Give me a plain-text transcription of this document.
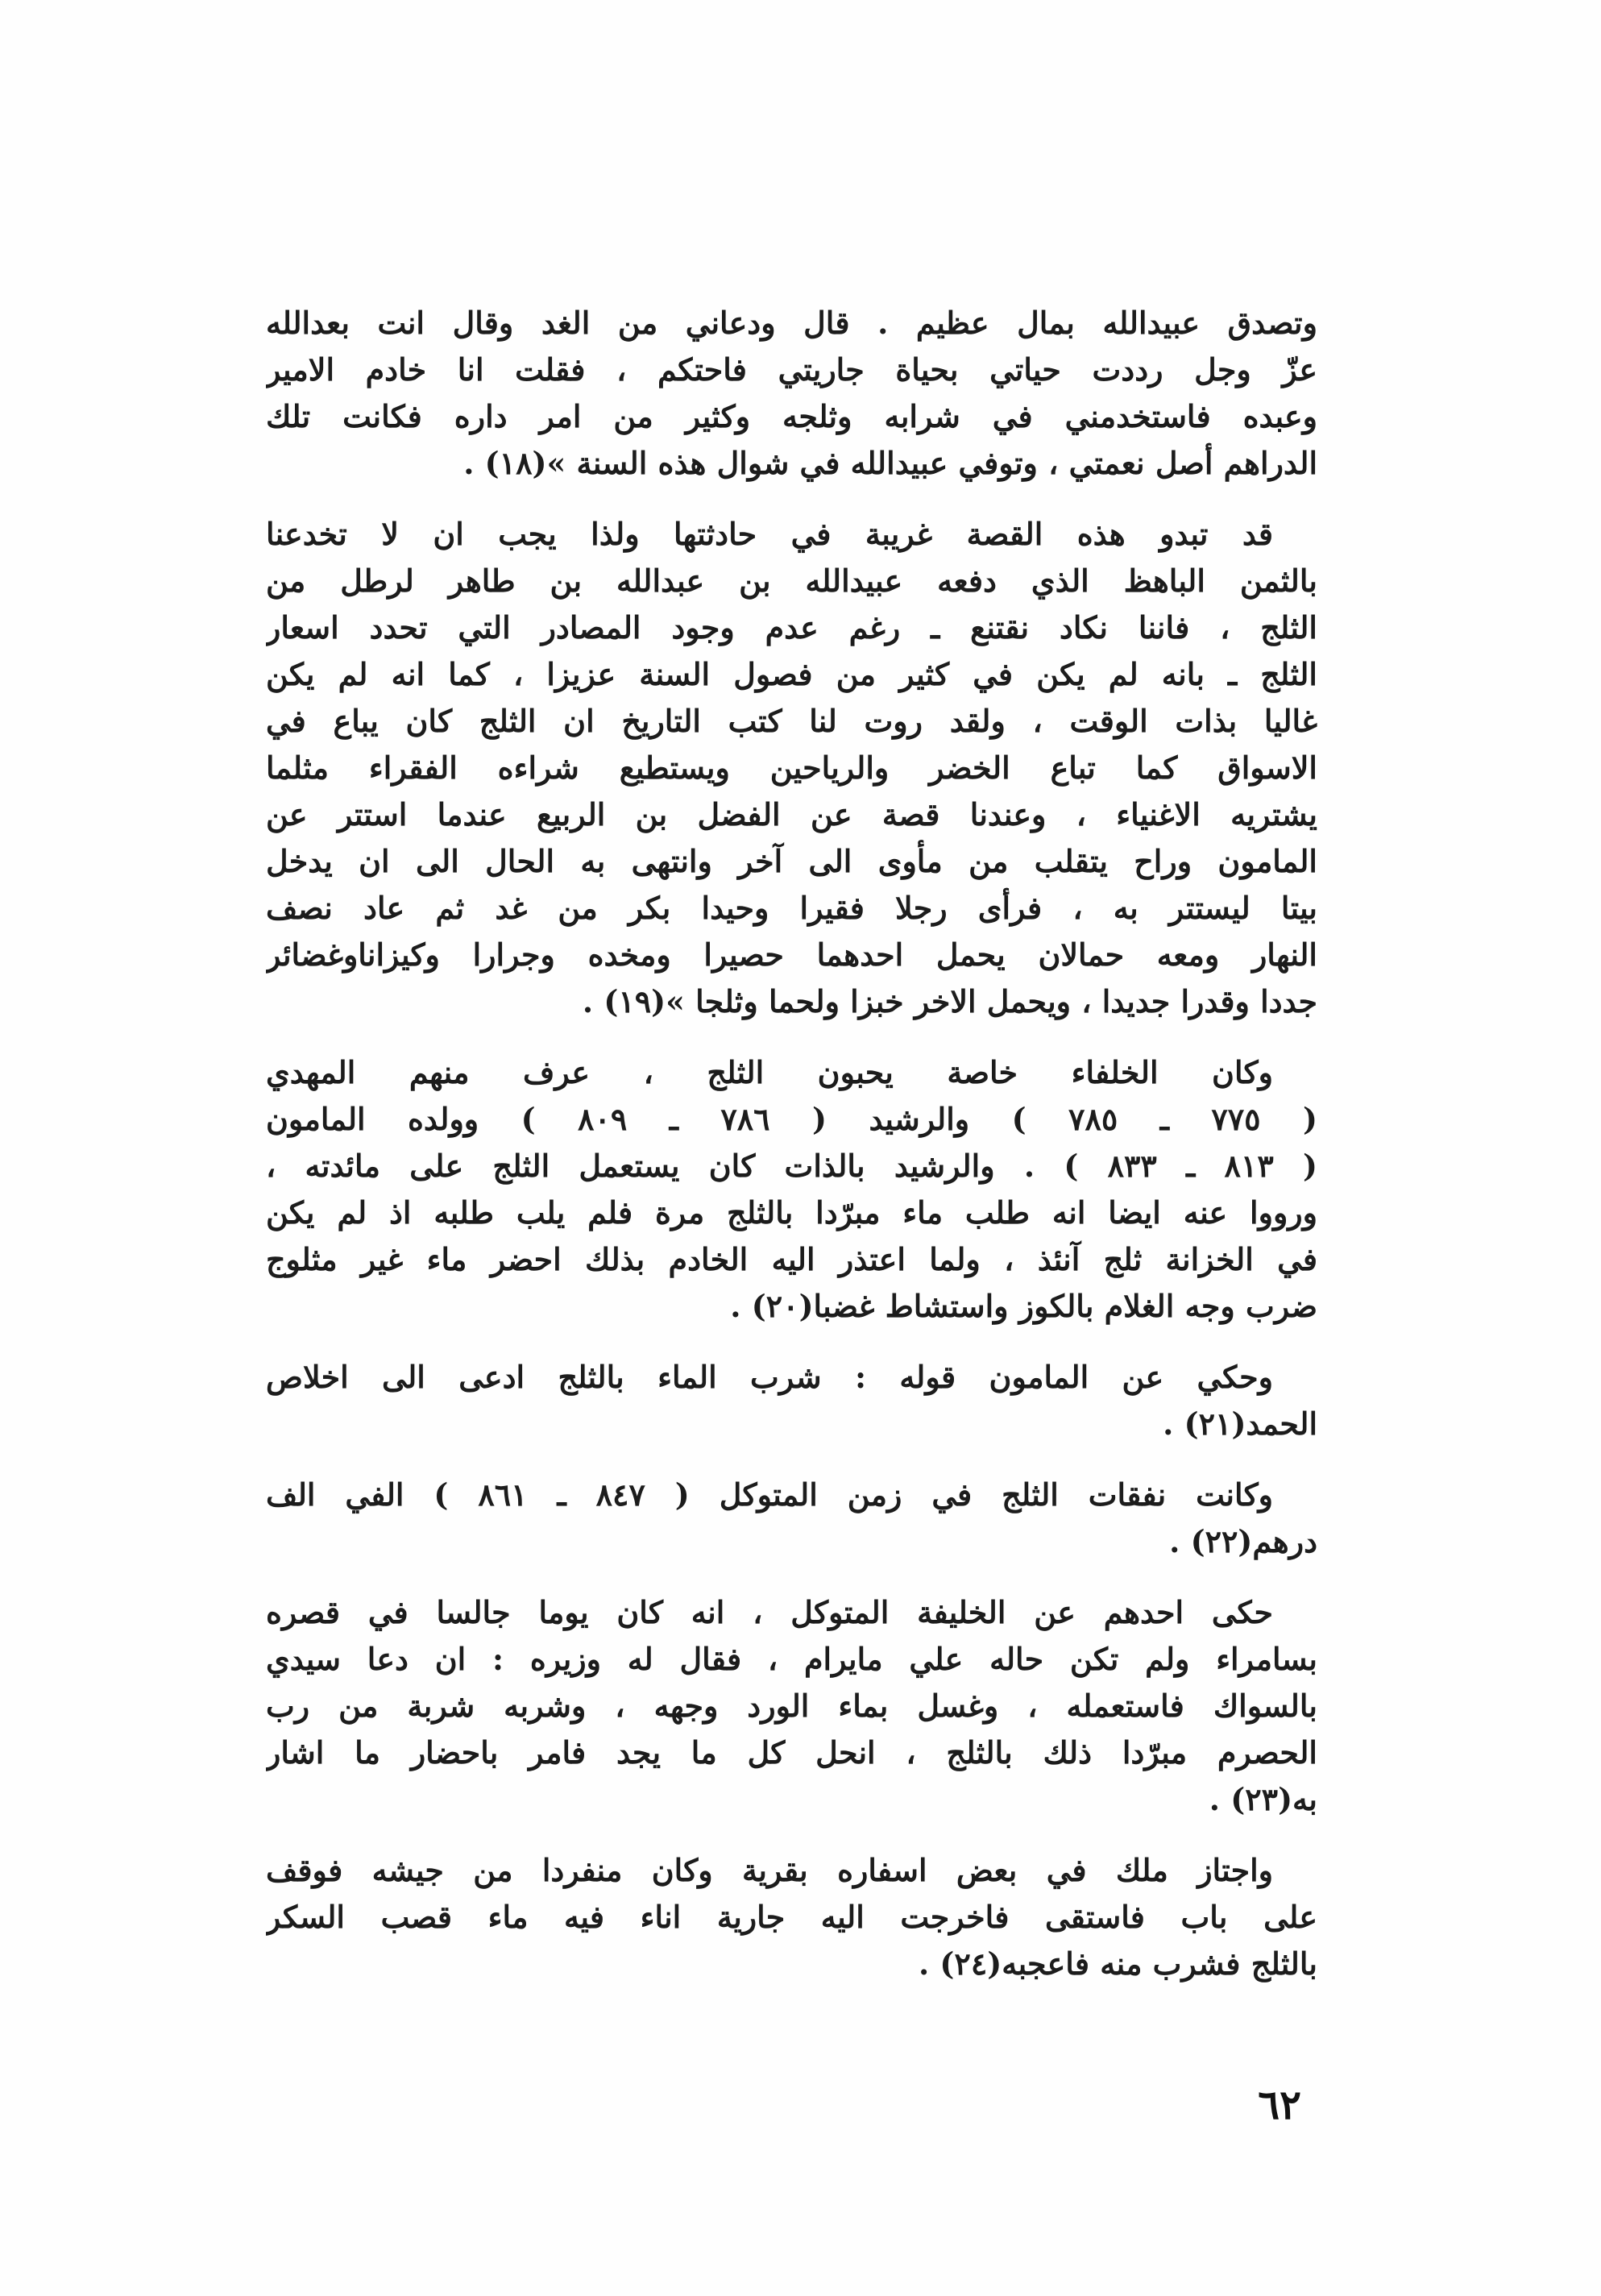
وتصدق عبيدالله بمال عظيم . قال ودعاني من الغد وقال انت بعدالله
عزّ وجل رددت حياتي بحياة جاريتي فاحتكم ، فقلت انا خادم الامير
وعبده فاستخدمني في شرابه وثلجه وكثير من امر داره فكانت تلك
الدراهم أصل نعمتي ، وتوفي عبيدالله في شوال هذه السنة »(١٨) .
قد تبدو هذه القصة غريبة في حادثتها ولذا يجب ان لا تخدعنا
بالثمن الباهظ الذي دفعه عبيدالله بن عبدالله بن طاهر لرطل من
الثلج ، فاننا نكاد نقتنع ـ رغم عدم وجود المصادر التي تحدد اسعار
الثلج ـ بانه لم يكن في كثير من فصول السنة عزيزا ، كما انه لم يكن
غاليا بذات الوقت ، ولقد روت لنا كتب التاريخ ان الثلج كان يباع في
الاسواق كما تباع الخضر والرياحين ويستطيع شراءه الفقراء مثلما
يشتريه الاغنياء ، وعندنا قصة عن الفضل بن الربيع عندما استتر عن
المامون وراح يتقلب من مأوى الى آخر وانتهى به الحال الى ان يدخل
بيتا ليستتر به ، فرأى رجلا فقيرا وحيدا بكر من غد ثم عاد نصف
النهار ومعه حمالان يحمل احدهما حصيرا ومخده وجرارا وكيزاناوغضائر
جددا وقدرا جديدا ، ويحمل الاخر خبزا ولحما وثلجا »(١٩) .
وكان الخلفاء خاصة يحبون الثلج ، عرف منهم المهدي
( ٧٧٥ ـ ٧٨٥ ) والرشيد ( ٧٨٦ ـ ٨٠٩ ) وولده المامون
( ٨١٣ ـ ٨٣٣ ) . والرشيد بالذات كان يستعمل الثلج على مائدته ،
ورووا عنه ايضا انه طلب ماء مبرّدا بالثلج مرة فلم يلب طلبه اذ لم يكن
في الخزانة ثلج آنئذ ، ولما اعتذر اليه الخادم بذلك احضر ماء غير مثلوج
ضرب وجه الغلام بالكوز واستشاط غضبا(٢٠) .
وحكي عن المامون قوله : شرب الماء بالثلج ادعى الى اخلاص
الحمد(٢١) .
وكانت نفقات الثلج في زمن المتوكل ( ٨٤٧ ـ ٨٦١ ) الفي الف
درهم(٢٢) .
حكى احدهم عن الخليفة المتوكل ، انه كان يوما جالسا في قصره
بسامراء ولم تكن حاله علي مايرام ، فقال له وزيره : ان دعا سيدي
بالسواك فاستعمله ، وغسل بماء الورد وجهه ، وشربه شربة من رب
الحصرم مبرّدا ذلك بالثلج ، انحل كل ما يجد فامر باحضار ما اشار
به(٢٣) .
واجتاز ملك في بعض اسفاره بقرية وكان منفردا من جيشه فوقف
على باب فاستقى فاخرجت اليه جارية اناء فيه ماء قصب السكر
بالثلج فشرب منه فاعجبه(٢٤) .
٦٢
